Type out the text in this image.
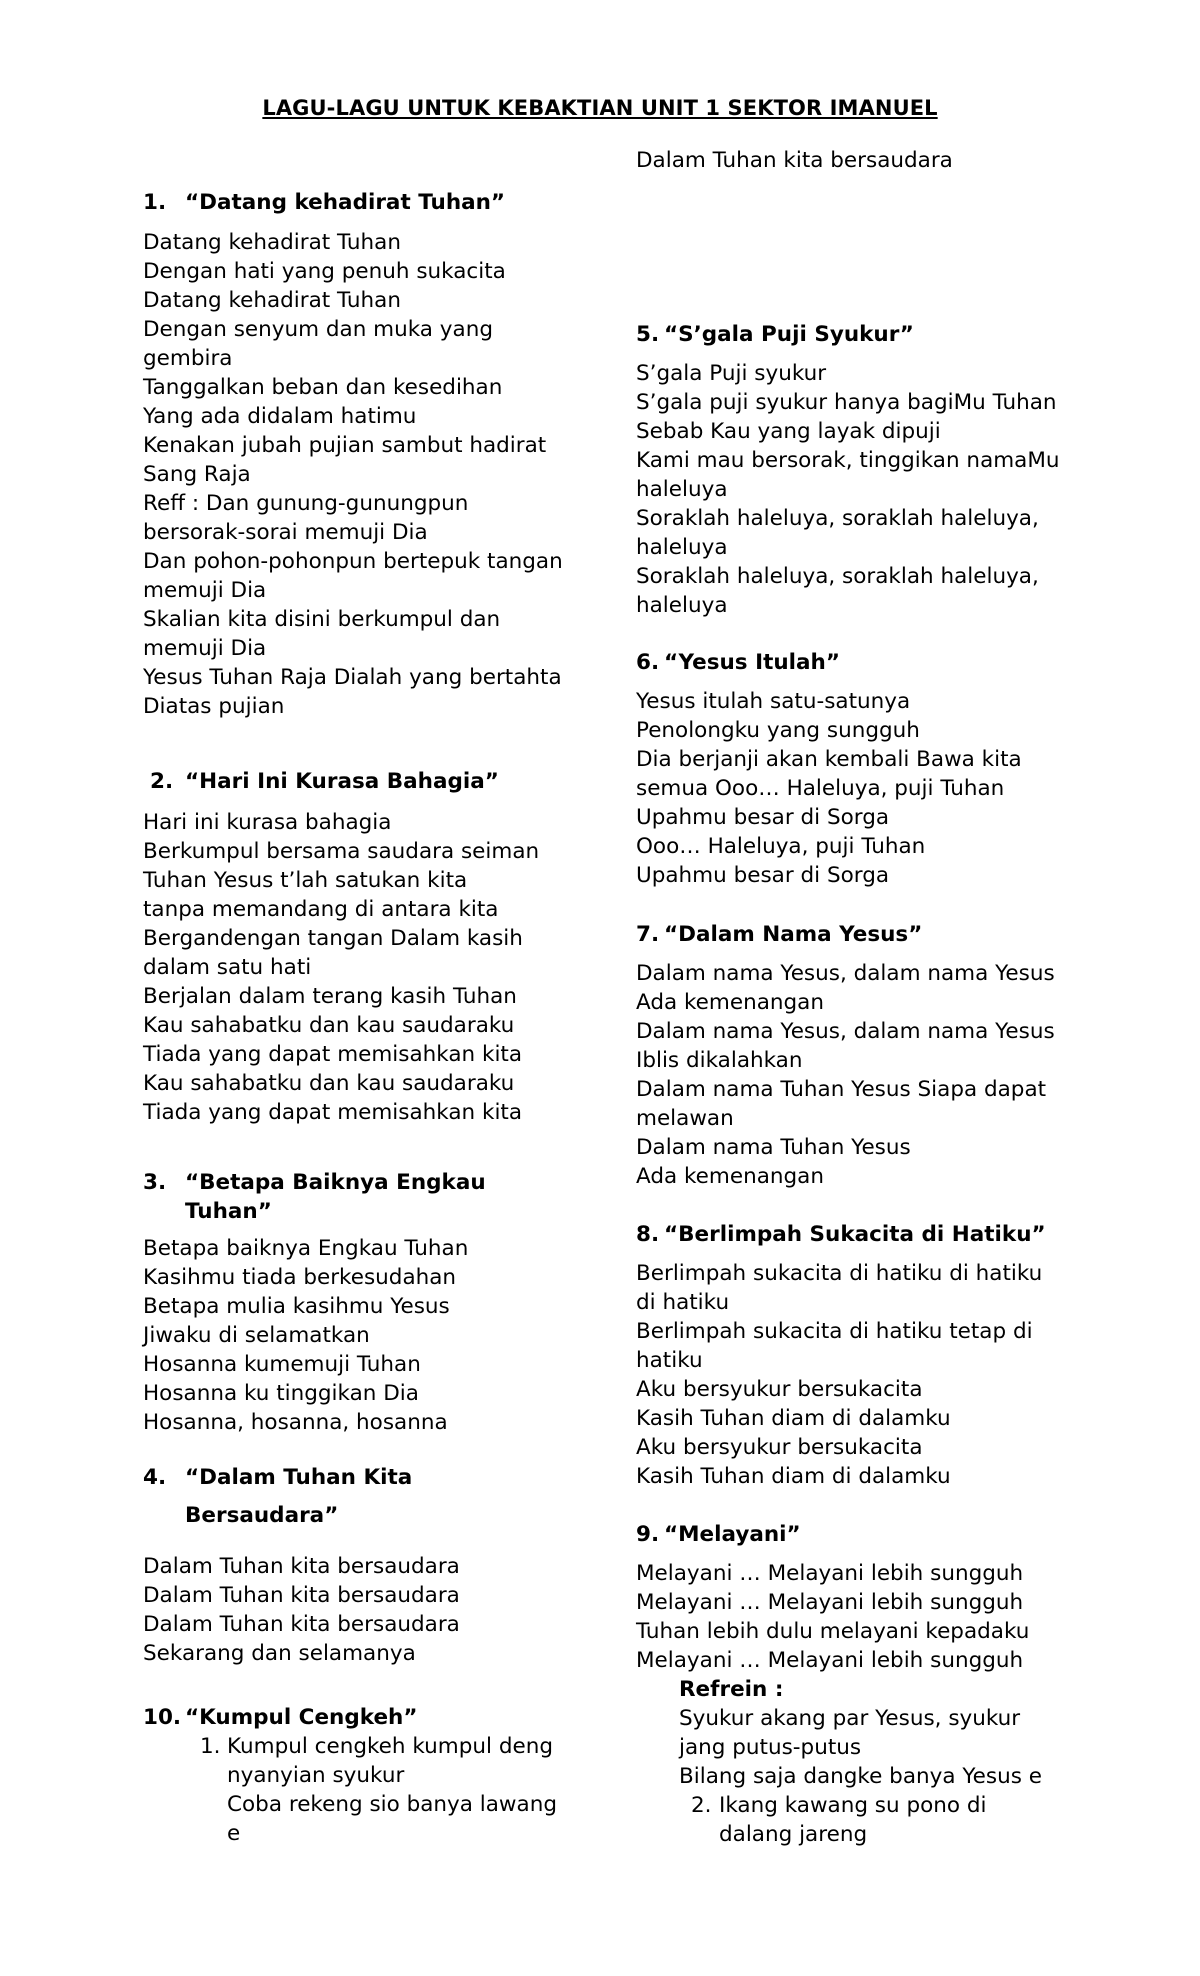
LAGU-LAGU UNTUK KEBAKTIAN UNIT 1 SEKTOR IMANUEL
1. “Datang kehadirat Tuhan”
Datang kehadirat Tuhan
Dengan hati yang penuh sukacita
Datang kehadirat Tuhan
Dengan senyum dan muka yang
gembira
Tanggalkan beban dan kesedihan
Yang ada didalam hatimu
Kenakan jubah pujian sambut hadirat
Sang Raja
Reff : Dan gunung-gunungpun
bersorak-sorai memuji Dia
Dan pohon-pohonpun bertepuk tangan
memuji Dia
Skalian kita disini berkumpul dan
memuji Dia
Yesus Tuhan Raja Dialah yang bertahta
Diatas pujian
2. “Hari Ini Kurasa Bahagia”
Hari ini kurasa bahagia
Berkumpul bersama saudara seiman
Tuhan Yesus t’lah satukan kita
tanpa memandang di antara kita
Bergandengan tangan Dalam kasih
dalam satu hati
Berjalan dalam terang kasih Tuhan
Kau sahabatku dan kau saudaraku
Tiada yang dapat memisahkan kita
Kau sahabatku dan kau saudaraku
Tiada yang dapat memisahkan kita
3. “Betapa Baiknya Engkau
Tuhan”
Betapa baiknya Engkau Tuhan
Kasihmu tiada berkesudahan
Betapa mulia kasihmu Yesus
Jiwaku di selamatkan
Hosanna kumemuji Tuhan
Hosanna ku tinggikan Dia
Hosanna, hosanna, hosanna
4. “Dalam Tuhan Kita
Bersaudara”
Dalam Tuhan kita bersaudara
Dalam Tuhan kita bersaudara
Dalam Tuhan kita bersaudara
Sekarang dan selamanya
10. “Kumpul Cengkeh”
1. Kumpul cengkeh kumpul deng
nyanyian syukur
Coba rekeng sio banya lawang
e
Dalam Tuhan kita bersaudara
5. “S’gala Puji Syukur”
S’gala Puji syukur
S’gala puji syukur hanya bagiMu Tuhan
Sebab Kau yang layak dipuji
Kami mau bersorak, tinggikan namaMu
haleluya
Soraklah haleluya, soraklah haleluya,
haleluya
Soraklah haleluya, soraklah haleluya,
haleluya
6. “Yesus Itulah”
Yesus itulah satu-satunya
Penolongku yang sungguh
Dia berjanji akan kembali Bawa kita
semua Ooo… Haleluya, puji Tuhan
Upahmu besar di Sorga
Ooo… Haleluya, puji Tuhan
Upahmu besar di Sorga
7. “Dalam Nama Yesus”
Dalam nama Yesus, dalam nama Yesus
Ada kemenangan
Dalam nama Yesus, dalam nama Yesus
Iblis dikalahkan
Dalam nama Tuhan Yesus Siapa dapat
melawan
Dalam nama Tuhan Yesus
Ada kemenangan
8. “Berlimpah Sukacita di Hatiku”
Berlimpah sukacita di hatiku di hatiku
di hatiku
Berlimpah sukacita di hatiku tetap di
hatiku
Aku bersyukur bersukacita
Kasih Tuhan diam di dalamku
Aku bersyukur bersukacita
Kasih Tuhan diam di dalamku
9. “Melayani”
Melayani … Melayani lebih sungguh
Melayani … Melayani lebih sungguh
Tuhan lebih dulu melayani kepadaku
Melayani … Melayani lebih sungguh
Refrein :
Syukur akang par Yesus, syukur
jang putus-putus
Bilang saja dangke banya Yesus e
2. Ikang kawang su pono di
dalang jareng
